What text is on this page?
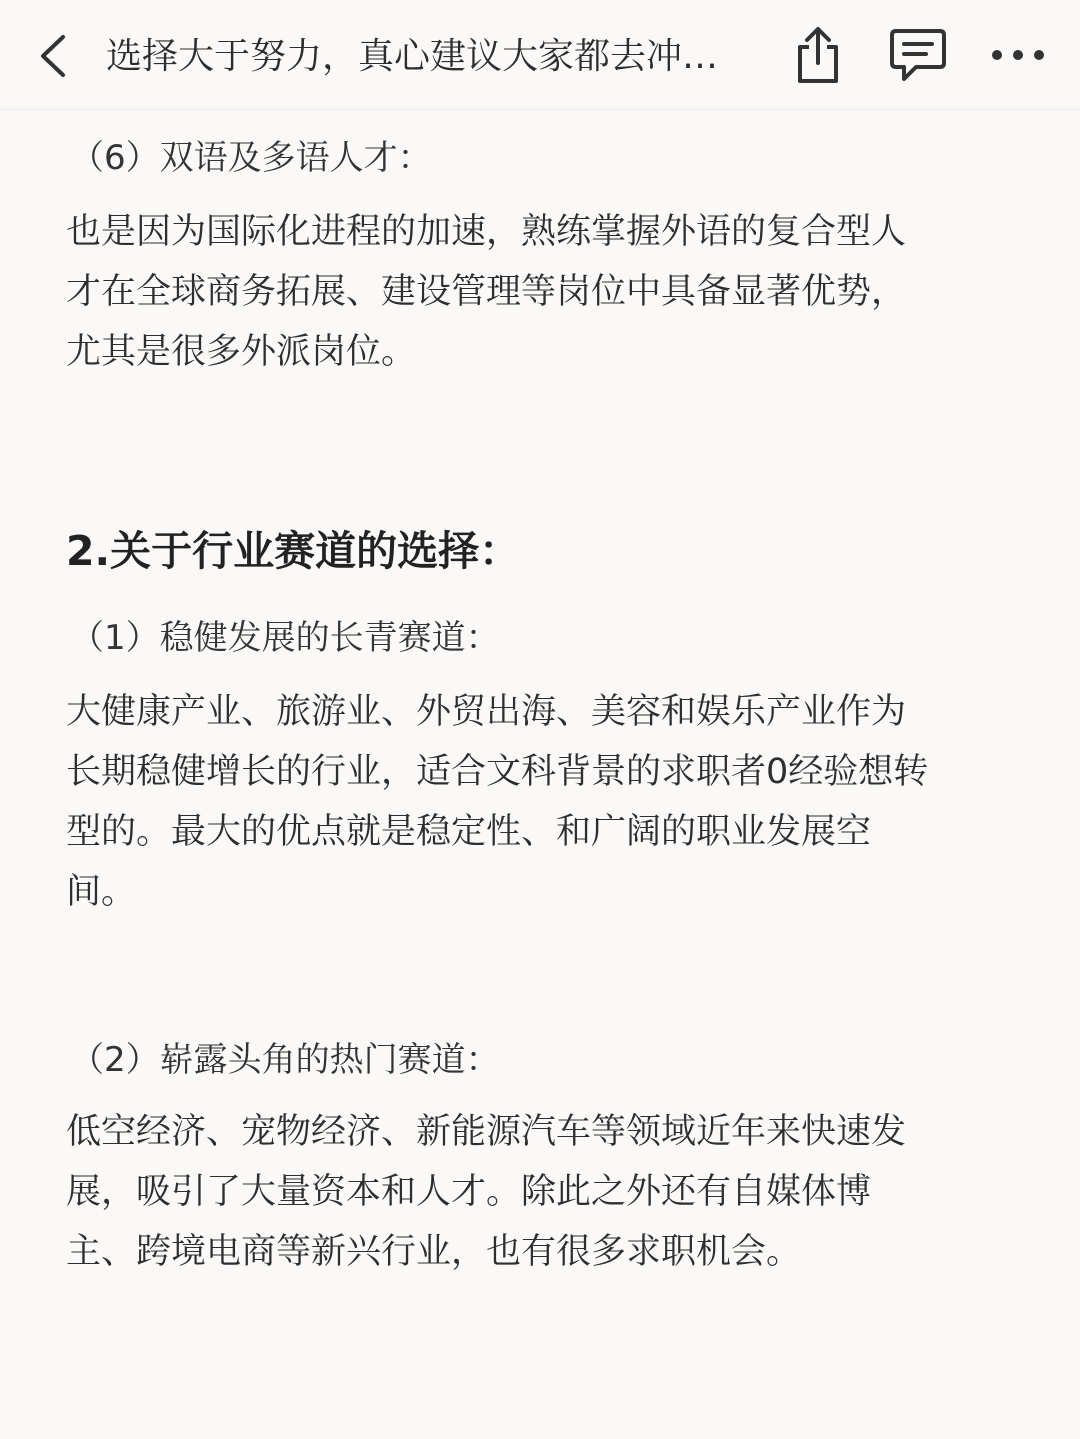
选择大于努力，真心建议大家都去冲…
（6）双语及多语人才：
也是因为国际化进程的加速，熟练掌握外语的复合型人
才在全球商务拓展、建设管理等岗位中具备显著优势，
尤其是很多外派岗位。
2.关于行业赛道的选择：
（1）稳健发展的长青赛道：
大健康产业、旅游业、外贸出海、美容和娱乐产业作为
长期稳健增长的行业，适合文科背景的求职者0经验想转
型的。最大的优点就是稳定性、和广阔的职业发展空
间。
（2）崭露头角的热门赛道：
低空经济、宠物经济、新能源汽车等领域近年来快速发
展，吸引了大量资本和人才。除此之外还有自媒体博
主、跨境电商等新兴行业，也有很多求职机会。
